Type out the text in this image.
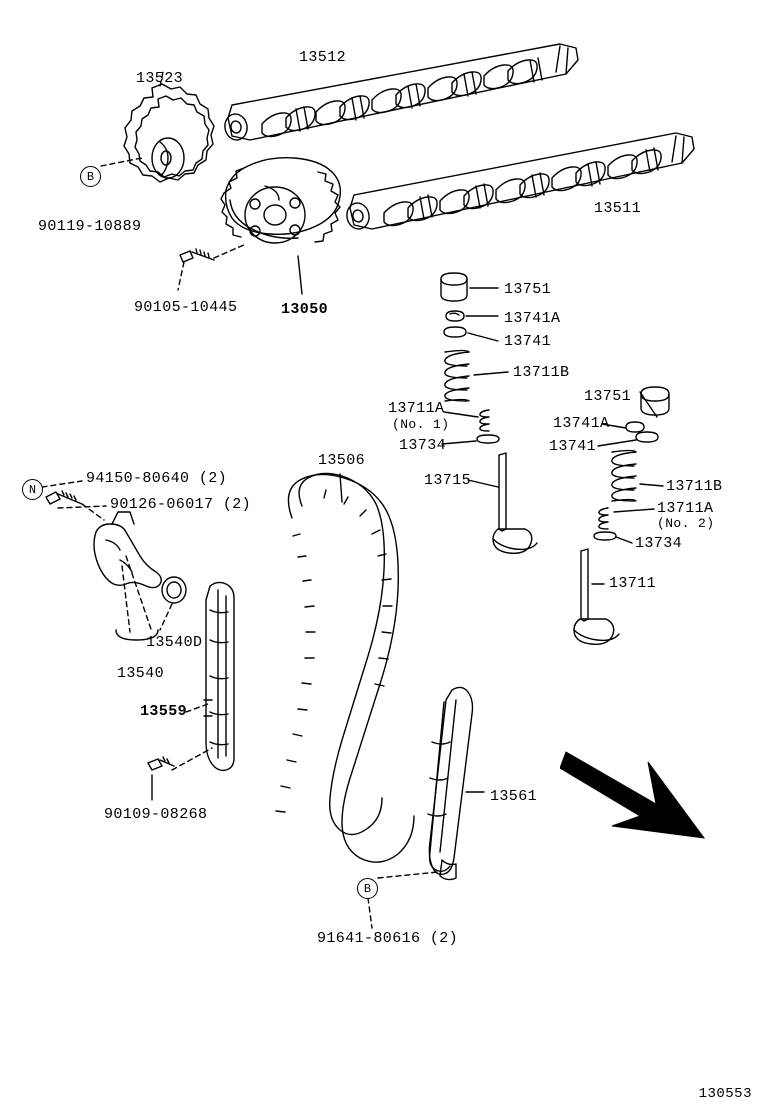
FRONT
B
N
B
13523
13512
13511
90119-10889
90105-10445	13050
13751
13741A
13741
13711B
13711A
(No. 1)
13734
13715
13751
13741A
13741
13711B
13711A
(No. 2)
13734
13711
13506
94150-80640 (2)
90126-06017 (2)
13540D
13540
13559
90109-08268
13561
91641-80616 (2)
130553
